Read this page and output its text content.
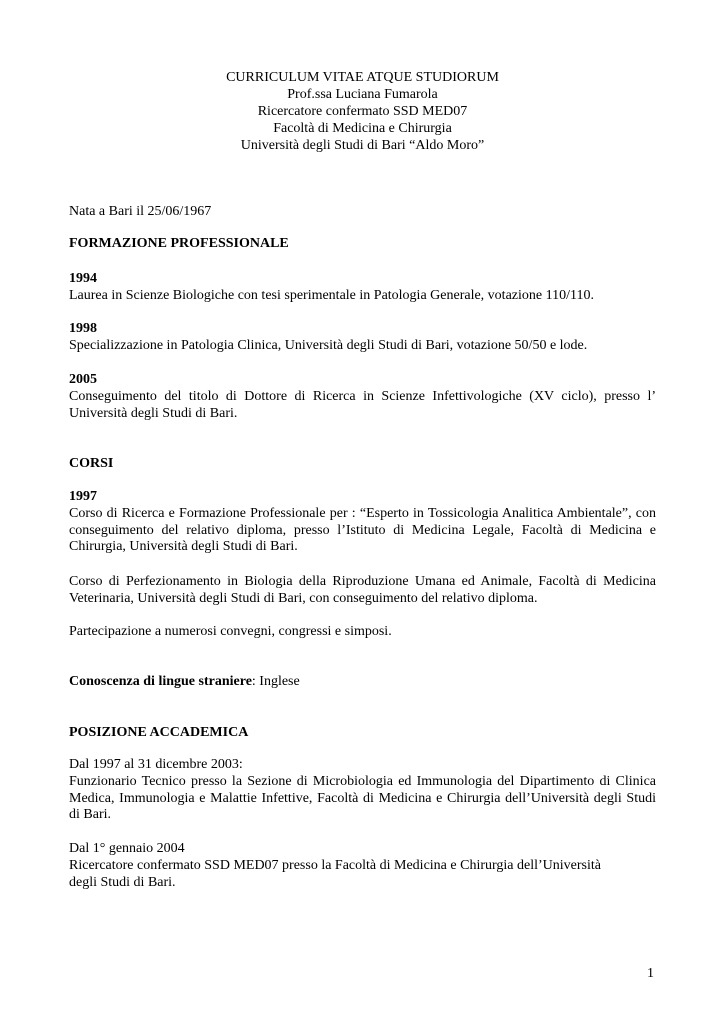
CURRICULUM VITAE ATQUE STUDIORUM
Prof.ssa Luciana Fumarola
Ricercatore confermato SSD MED07
Facoltà di Medicina e Chirurgia
Università degli Studi di Bari “Aldo Moro”
Nata a Bari il 25/06/1967
FORMAZIONE PROFESSIONALE
1994
Laurea in Scienze Biologiche con tesi sperimentale in Patologia Generale, votazione 110/110.
1998
Specializzazione in Patologia Clinica, Università degli Studi di Bari, votazione 50/50 e lode.
2005
Conseguimento del titolo di Dottore di Ricerca in Scienze Infettivologiche (XV ciclo), presso l’ Università degli Studi di Bari.
CORSI
1997
Corso di Ricerca e Formazione Professionale per : “Esperto in Tossicologia Analitica Ambientale”, con conseguimento del relativo diploma, presso l’Istituto di Medicina Legale, Facoltà di Medicina e Chirurgia, Università degli Studi di Bari.
Corso di Perfezionamento in Biologia della Riproduzione Umana ed Animale, Facoltà di Medicina Veterinaria, Università degli Studi di Bari, con conseguimento del relativo diploma.
Partecipazione a numerosi convegni, congressi e simposi.
Conoscenza di lingue straniere: Inglese
POSIZIONE ACCADEMICA
Dal 1997 al 31 dicembre 2003:
Funzionario Tecnico presso la Sezione di Microbiologia ed Immunologia del Dipartimento di Clinica Medica, Immunologia e Malattie Infettive, Facoltà di Medicina e Chirurgia dell’Università degli Studi di Bari.
Dal 1° gennaio 2004
Ricercatore confermato SSD MED07 presso la Facoltà di Medicina e Chirurgia dell’Università
degli Studi di Bari.
1
